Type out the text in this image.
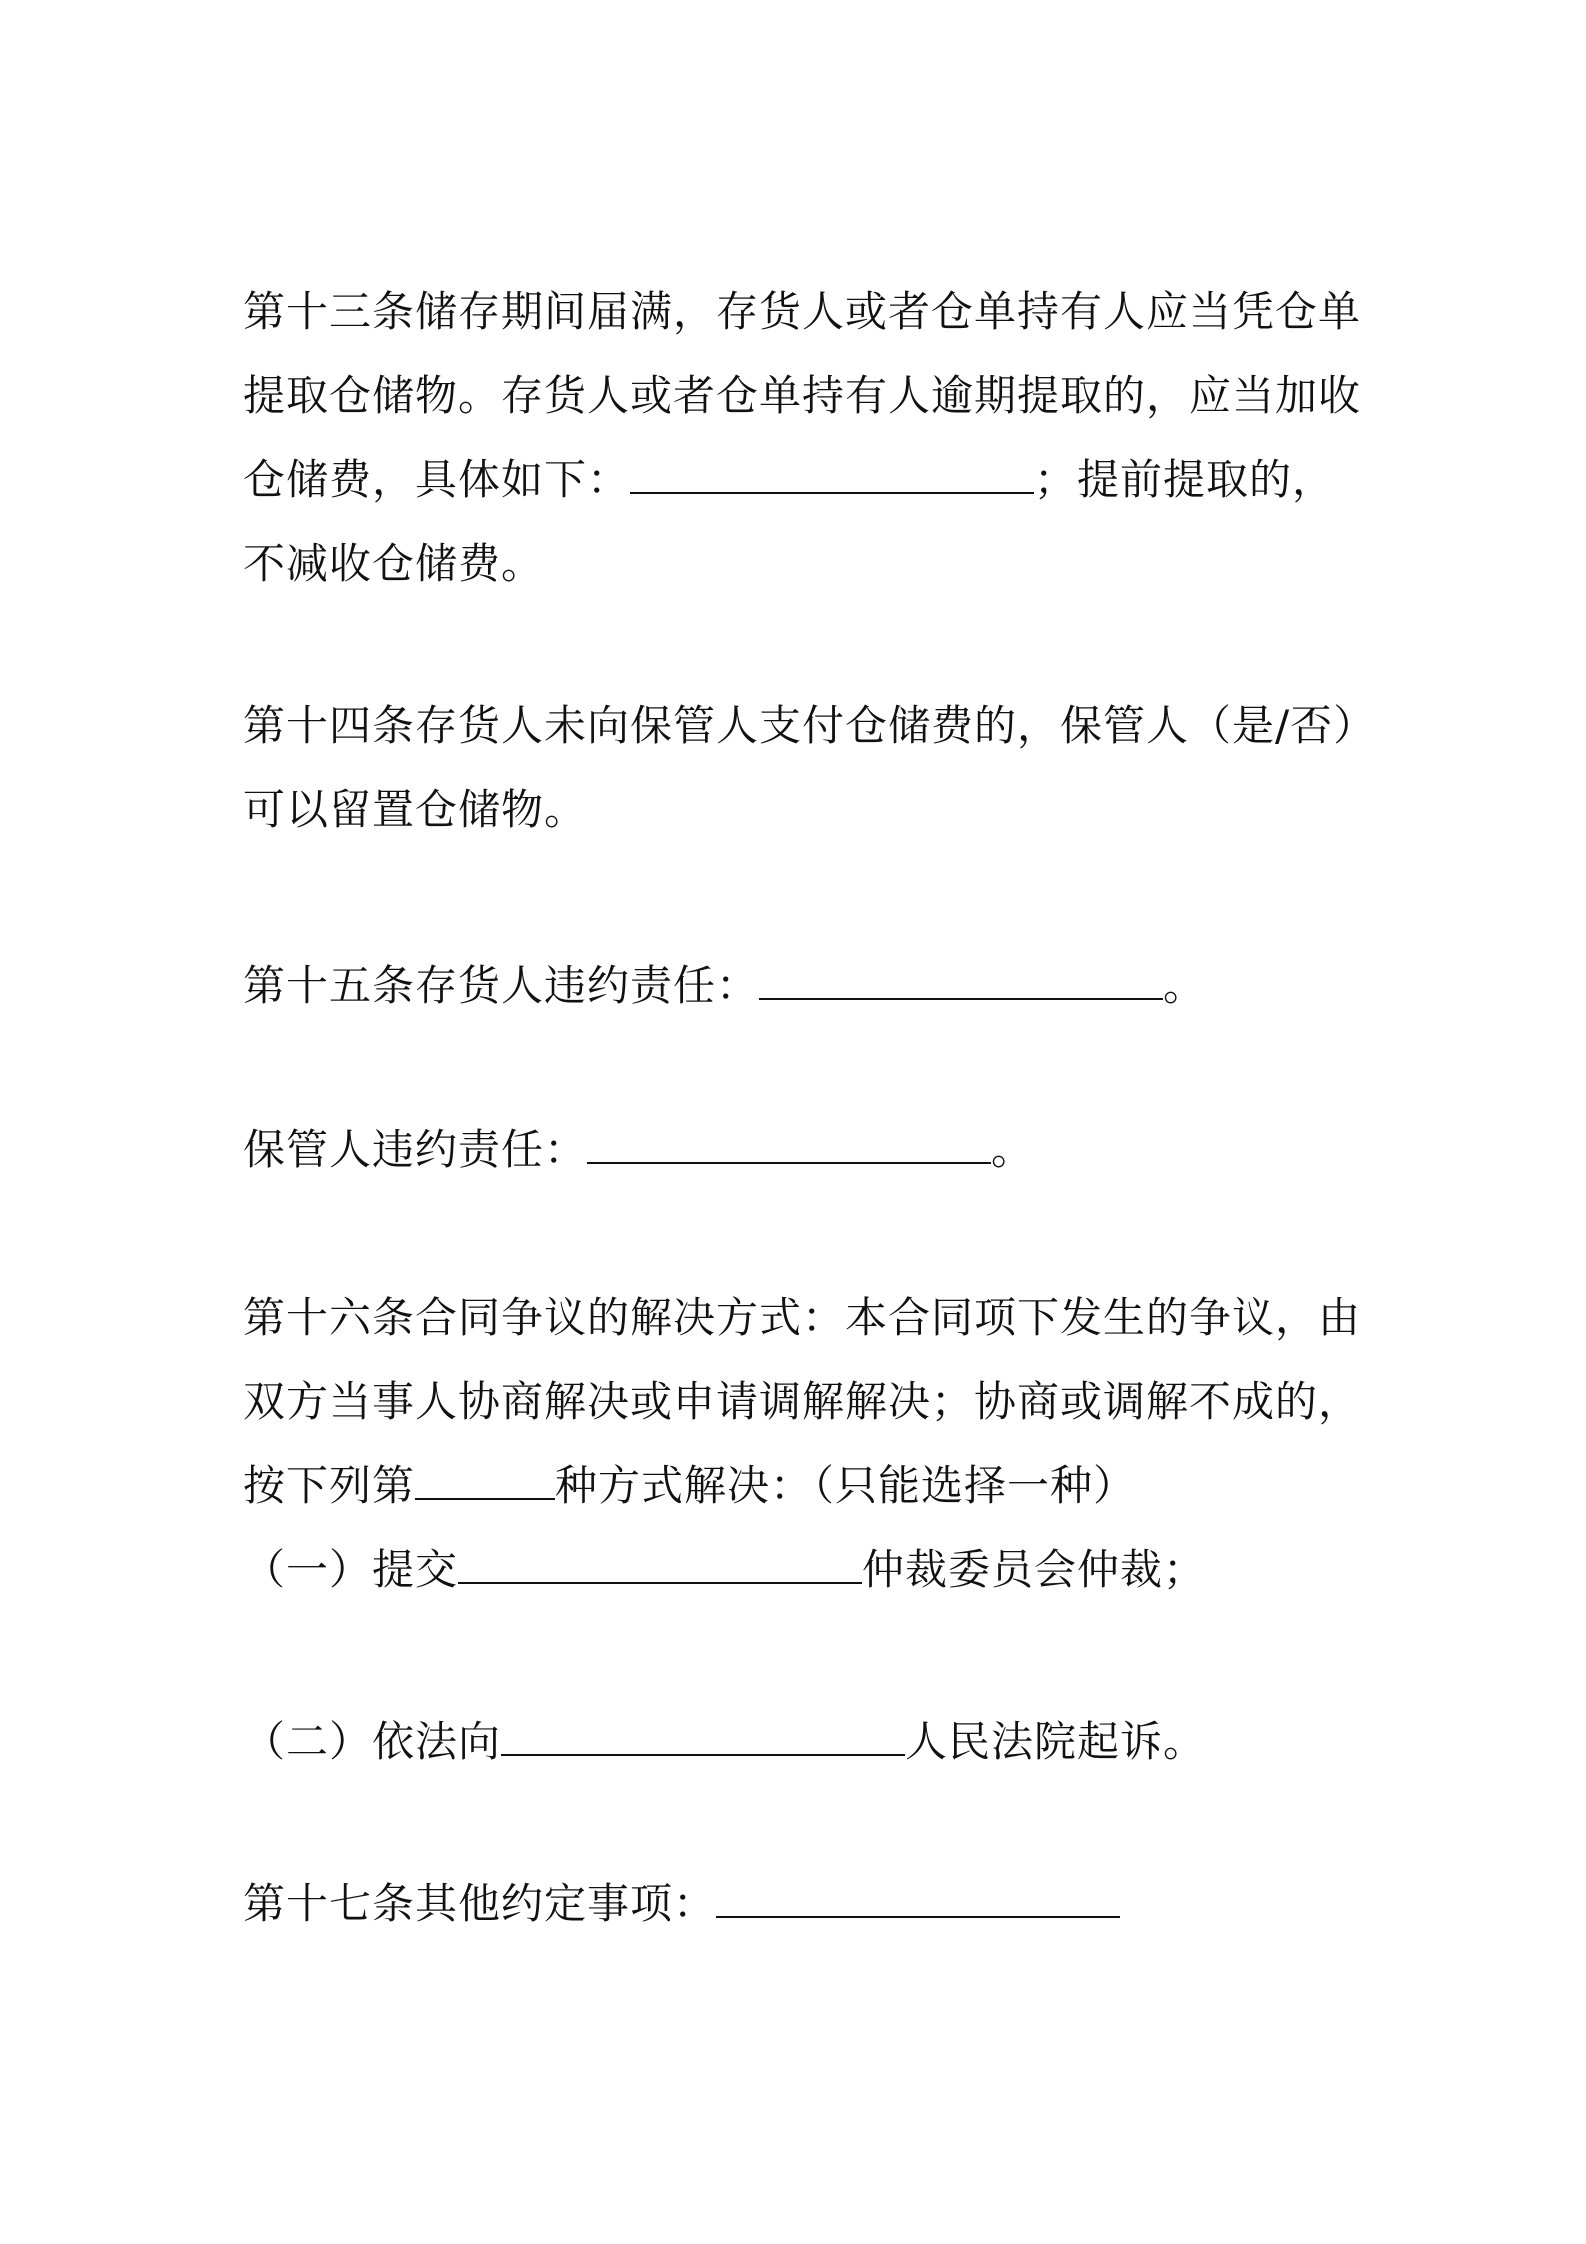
第十三条储存期间届满，存货人或者仓单持有人应当凭仓单
提取仓储物。存货人或者仓单持有人逾期提取的，应当加收
仓储费，具体如下：	；提前提取的，
不减收仓储费。
第十四条存货人未向保管人支付仓储费的，保管人（是/否）
可以留置仓储物。
第十五条存货人违约责任：	。
保管人违约责任：	。
第十六条合同争议的解决方式：本合同项下发生的争议，由
双方当事人协商解决或申请调解解决；协商或调解不成的，
按下列第	种方式解决：（只能选择一种）
（一）提交	仲裁委员会仲裁；
（二）依法向	人民法院起诉。
第十七条其他约定事项：
